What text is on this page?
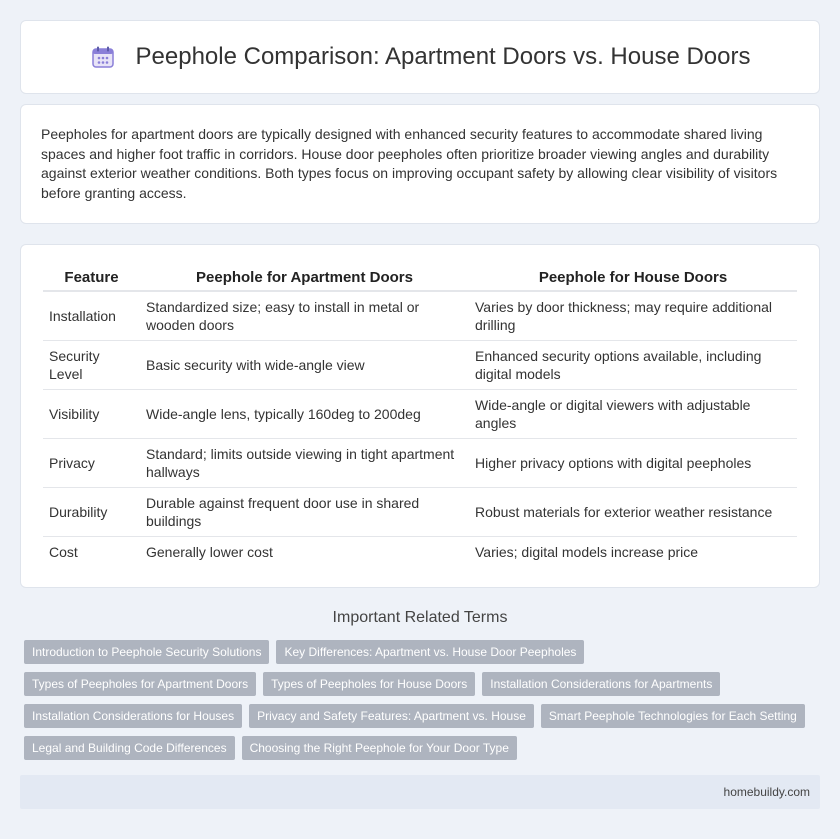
Peephole Comparison: Apartment Doors vs. House Doors

Peepholes for apartment doors are typically designed with enhanced security features to accommodate shared living spaces and higher foot traffic in corridors. House door peepholes often prioritize broader viewing angles and durability against exterior weather conditions. Both types focus on improving occupant safety by allowing clear visibility of visitors before granting access.

Feature	Peephole for Apartment Doors	Peephole for House Doors
Installation	Standardized size; easy to install in metal or wooden doors	Varies by door thickness; may require additional drilling
Security Level	Basic security with wide-angle view	Enhanced security options available, including digital models
Visibility	Wide-angle lens, typically 160deg to 200deg	Wide-angle or digital viewers with adjustable angles
Privacy	Standard; limits outside viewing in tight apartment hallways	Higher privacy options with digital peepholes
Durability	Durable against frequent door use in shared buildings	Robust materials for exterior weather resistance
Cost	Generally lower cost	Varies; digital models increase price
Important Related Terms
Introduction to Peephole Security Solutions	Key Differences: Apartment vs. House Door Peepholes
Types of Peepholes for Apartment Doors	Types of Peepholes for House Doors	Installation Considerations for Apartments
Installation Considerations for Houses	Privacy and Safety Features: Apartment vs. House	Smart Peephole Technologies for Each Setting
Legal and Building Code Differences	Choosing the Right Peephole for Your Door Type
homebuildy.com
